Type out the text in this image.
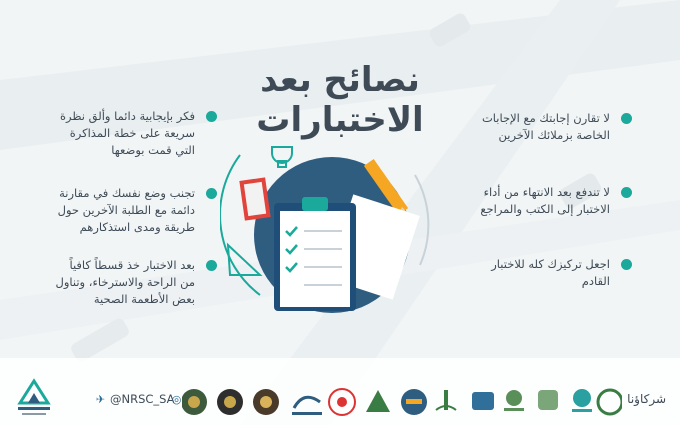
نصائح بعد
الاختبارات	لا تقارن إجابتك مع الإجابات
الخاصة بزملائك الآخرين
لا تندفع بعد الانتهاء من أداء
الاختبار إلى الكتب والمراجع
اجعل تركيزك كله للاختبار
القادم
فكر بإيجابية دائما وألق نظرة
سريعة على خطة المذاكرة
التي قمت بوضعها
تجنب وضع نفسك في مقارنة
دائمة مع الطلبة الآخرين حول
طريقة ومدى استذكارهم
بعد الاختبار خذ قسطاً كافياً
من الراحة والاسترخاء، وتناول
بعض الأطعمة الصحية
✈ @NRSC_SA
◎	شركاؤنا
